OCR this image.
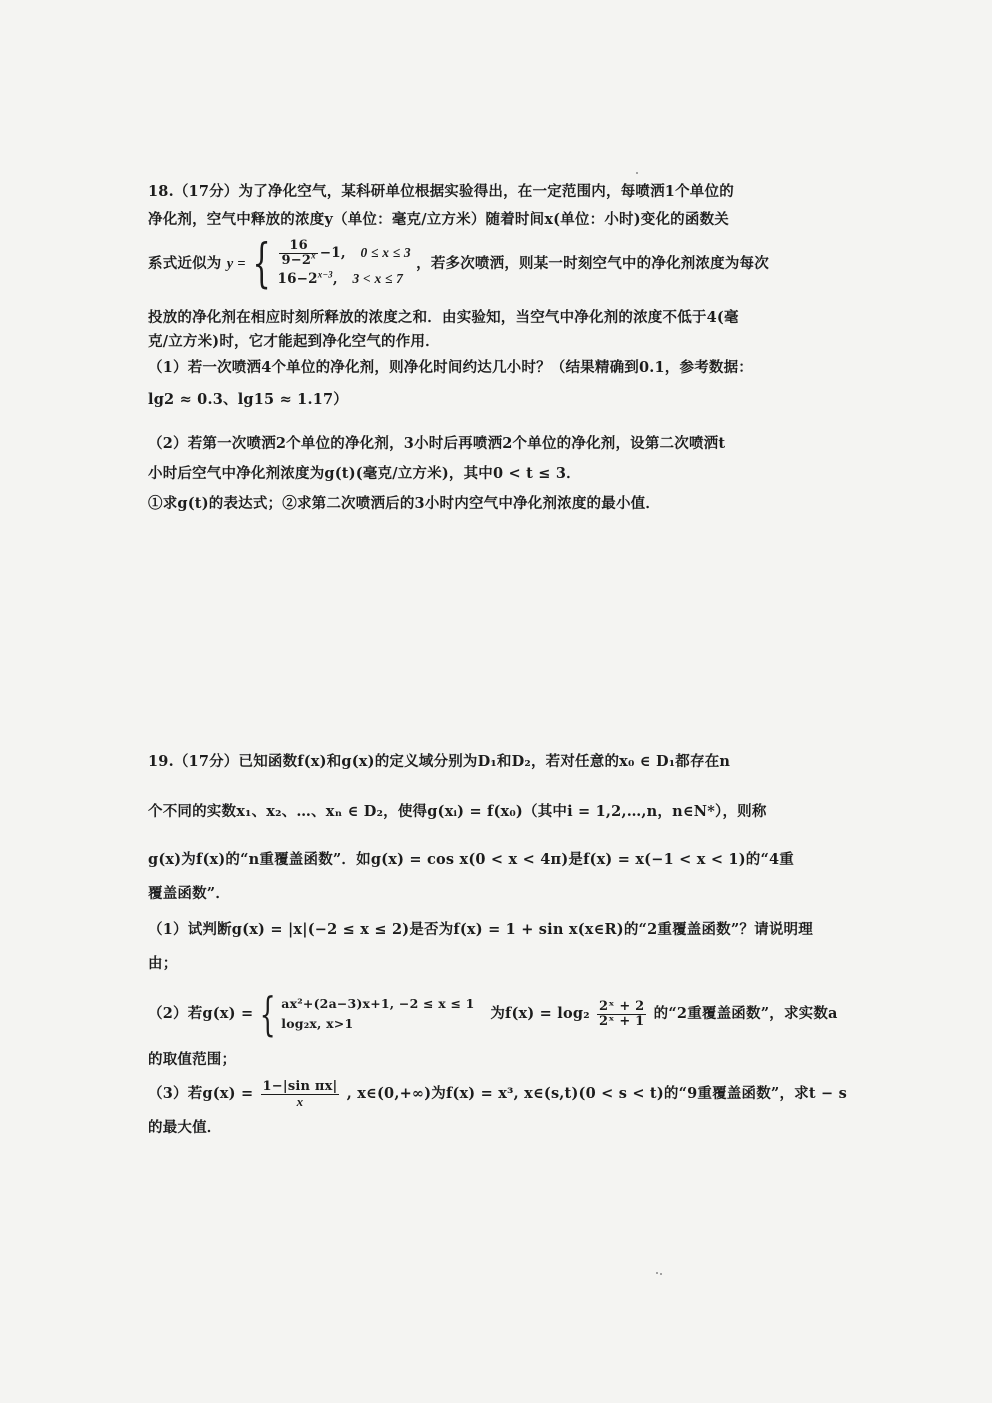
18.（17分）为了净化空气，某科研单位根据实验得出，在一定范围内，每喷洒1个单位的
净化剂，空气中释放的浓度y（单位：毫克/立方米）随着时间x(单位：小时)变化的函数关
系式近似为 y = { $\frac{16}{9-2^x} -1$, 0 ≤ x ≤ 3
$16-2^{x-3}$, 3 < x ≤ 7
，若多次喷洒，则某一时刻空气中的净化剂浓度为每次
投放的净化剂在相应时刻所释放的浓度之和．由实验知，当空气中净化剂的浓度不低于4(毫
克/立方米)时，它才能起到净化空气的作用．
（1）若一次喷洒4个单位的净化剂，则净化时间约达几小时？（结果精确到0.1，参考数据：
lg2 ≈ 0.3、lg15 ≈ 1.17）
（2）若第一次喷洒2个单位的净化剂，3小时后再喷洒2个单位的净化剂，设第二次喷洒t
小时后空气中净化剂浓度为g(t)(毫克/立方米)，其中0 < t ≤ 3．
①求g(t)的表达式；②求第二次喷洒后的3小时内空气中净化剂浓度的最小值．
19.（17分）已知函数f(x)和g(x)的定义域分别为D₁和D₂，若对任意的x₀ ∈ D₁都存在n
个不同的实数x₁、x₂、…、xₙ ∈ D₂，使得g(xᵢ) = f(x₀)（其中i = 1,2,…,n，n∈N*），则称
g(x)为f(x)的“n重覆盖函数”．如g(x) = cos x(0 < x < 4π)是f(x) = x(−1 < x < 1)的“4重
覆盖函数”．
（1）试判断g(x) = |x|(−2 ≤ x ≤ 2)是否为f(x) = 1 + sin x(x∈R)的“2重覆盖函数”？请说明理
由；
（2）若g(x) = { ax²+(2a−3)x+1, −2 ≤ x ≤ 1
log₂x, x>1
为$f(x) = \log_2 \frac{\text{2ˣ + 2}}{\text{2ˣ + 1}}$ 的“2重覆盖函数”，求实数a
的取值范围；
（3）若$g(x) = \frac{\text{1−|sin πx|}}{x}$ , x∈(0,+∞)为f(x) = x³, x∈(s,t)(0 < s < t)的“9重覆盖函数”，求t − s
的最大值．
